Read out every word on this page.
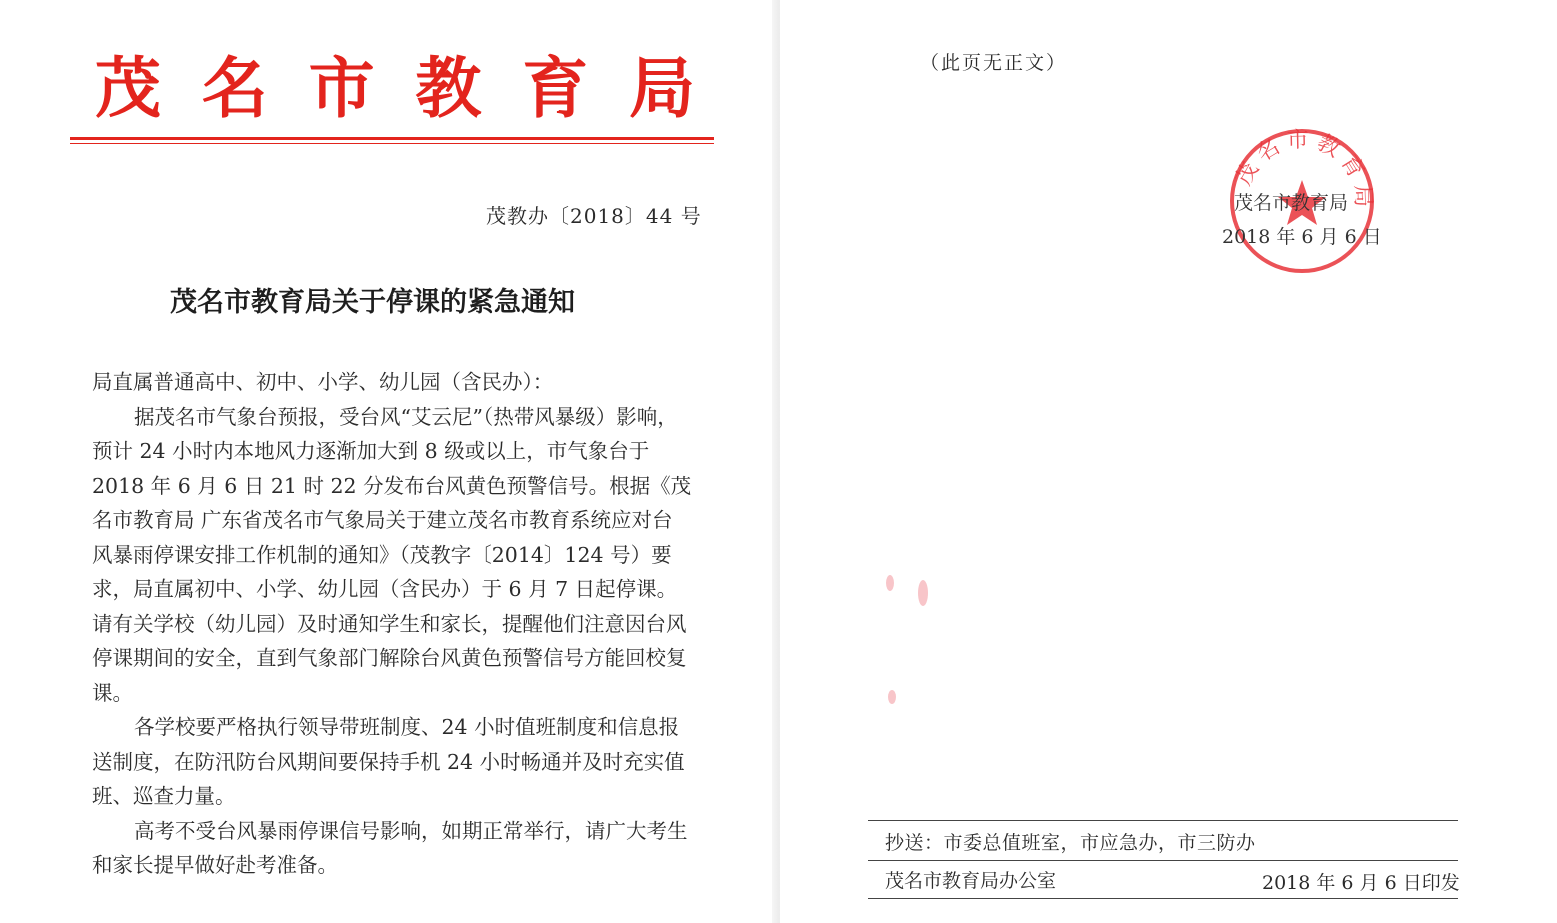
茂 名 市 教 育 局
茂教办〔2018〕44 号
茂名市教育局关于停课的紧急通知

局直属普通高中、初中、小学、幼儿园（含民办）：

据茂名市气象台预报，受台风“艾云尼”（热带风暴级）影响，预计 24 小时内本地风力逐渐加大到 8 级或以上，市气象台于 2018 年 6 月 6 日 21 时 22 分发布台风黄色预警信号。根据《茂名市教育局 广东省茂名市气象局关于建立茂名市教育系统应对台风暴雨停课安排工作机制的通知》（茂教字〔2014〕124 号）要求，局直属初中、小学、幼儿园（含民办）于 6 月 7 日起停课。请有关学校（幼儿园）及时通知学生和家长，提醒他们注意因台风停课期间的安全，直到气象部门解除台风黄色预警信号方能回校复课。

各学校要严格执行领导带班制度、24 小时值班制度和信息报送制度，在防汛防台风期间要保持手机 24 小时畅通并及时充实值班、巡查力量。

高考不受台风暴雨停课信号影响，如期正常举行，请广大考生和家长提早做好赴考准备。

（此页无正文）
茂名市教育局
茂名市教育局
2018 年 6 月 6 日
抄送：市委总值班室，市应急办，市三防办
茂名市教育局办公室	2018 年 6 月 6 日印发
